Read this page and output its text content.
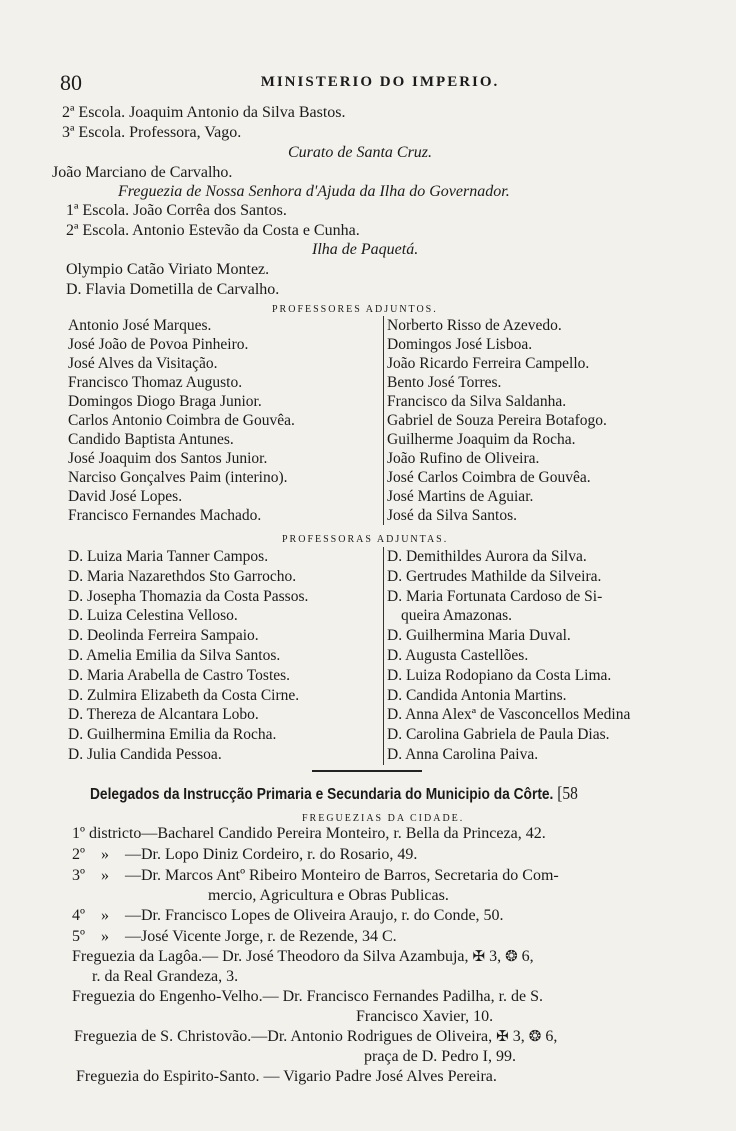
80	MINISTERIO DO IMPERIO.
2ª Escola. Joaquim Antonio da Silva Bastos.
3ª Escola. Professora, Vago.
Curato de Santa Cruz.
João Marciano de Carvalho.
Freguezia de Nossa Senhora d'Ajuda da Ilha do Governador.
1ª Escola. João Corrêa dos Santos.
2ª Escola. Antonio Estevão da Costa e Cunha.
Ilha de Paquetá.
Olympio Catão Viriato Montez.
D. Flavia Dometilla de Carvalho.
PROFESSORES ADJUNTOS.
Antonio José Marques.
José João de Povoa Pinheiro.
José Alves da Visitação.
Francisco Thomaz Augusto.
Domingos Diogo Braga Junior.
Carlos Antonio Coimbra de Gouvêa.
Candido Baptista Antunes.
José Joaquim dos Santos Junior.
Narciso Gonçalves Paim (interino).
David José Lopes.
Francisco Fernandes Machado.
Norberto Risso de Azevedo.
Domingos José Lisboa.
João Ricardo Ferreira Campello.
Bento José Torres.
Francisco da Silva Saldanha.
Gabriel de Souza Pereira Botafogo.
Guilherme Joaquim da Rocha.
João Rufino de Oliveira.
José Carlos Coimbra de Gouvêa.
José Martins de Aguiar.
José da Silva Santos.
PROFESSORAS ADJUNTAS.
D. Luiza Maria Tanner Campos.
D. Maria Nazarethdos Sto Garrocho.
D. Josepha Thomazia da Costa Passos.
D. Luiza Celestina Velloso.
D. Deolinda Ferreira Sampaio.
D. Amelia Emilia da Silva Santos.
D. Maria Arabella de Castro Tostes.
D. Zulmira Elizabeth da Costa Cirne.
D. Thereza de Alcantara Lobo.
D. Guilhermina Emilia da Rocha.
D. Julia Candida Pessoa.
D. Demithildes Aurora da Silva.
D. Gertrudes Mathilde da Silveira.
D. Maria Fortunata Cardoso de Si-
queira Amazonas.
D. Guilhermina Maria Duval.
D. Augusta Castellões.
D. Luiza Rodopiano da Costa Lima.
D. Candida Antonia Martins.
D. Anna Alexª de Vasconcellos Medina
D. Carolina Gabriela de Paula Dias.
D. Anna Carolina Paiva.
Delegados da Instrucção Primaria e Secundaria do Municipio da Côrte. [58
FREGUEZIAS DA CIDADE.
1º districto—Bacharel Candido Pereira Monteiro, r. Bella da Princeza, 42.
2º    »    —Dr. Lopo Diniz Cordeiro, r. do Rosario, 49.
3º    »    —Dr. Marcos Antº Ribeiro Monteiro de Barros, Secretaria do Com-
mercio, Agricultura e Obras Publicas.
4º    »    —Dr. Francisco Lopes de Oliveira Araujo, r. do Conde, 50.
5º    »    —José Vicente Jorge, r. de Rezende, 34 C.
Freguezia da Lagôa.— Dr. José Theodoro da Silva Azambuja, ✠ 3, ❂ 6,
r. da Real Grandeza, 3.
Freguezia do Engenho-Velho.— Dr. Francisco Fernandes Padilha, r. de S.
Francisco Xavier, 10.
Freguezia de S. Christovão.—Dr. Antonio Rodrigues de Oliveira, ✠ 3, ❂ 6,
praça de D. Pedro I, 99.
Freguezia do Espirito-Santo. — Vigario Padre José Alves Pereira.
